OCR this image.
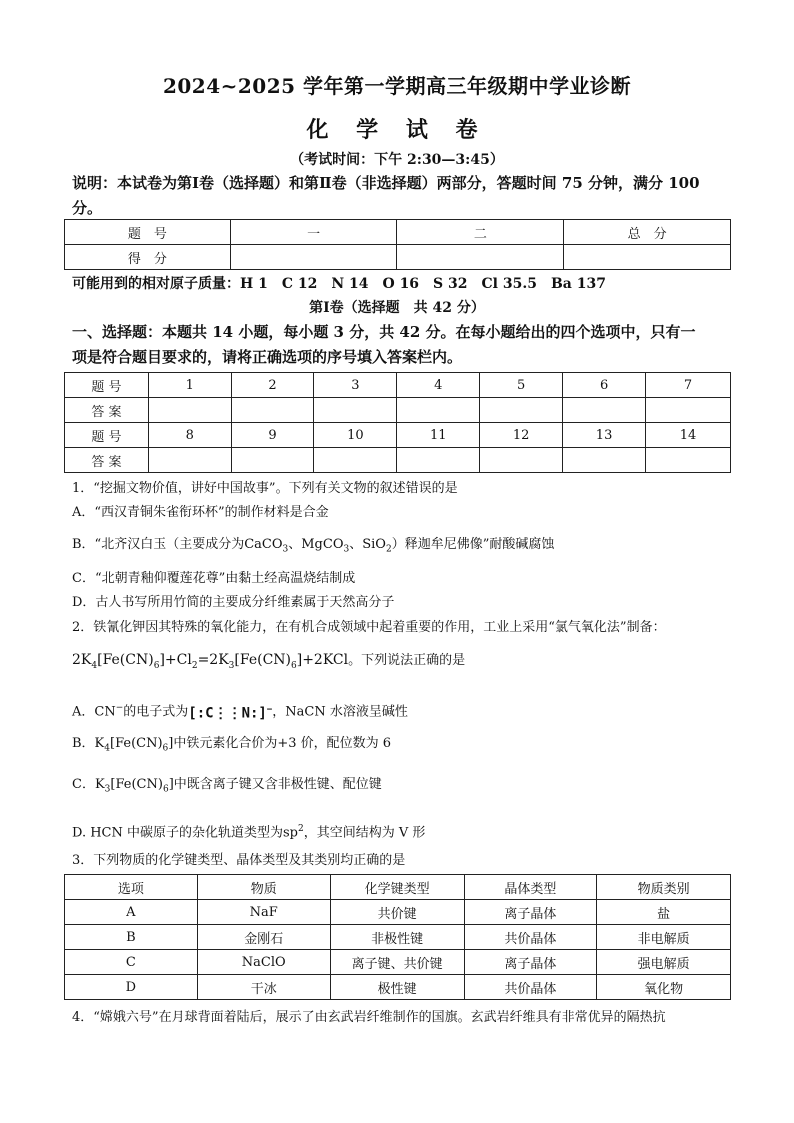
2024~2025 学年第一学期高三年级期中学业诊断
化 学 试 卷
（考试时间：下午 2:30—3:45）
说明：本试卷为第Ⅰ卷（选择题）和第Ⅱ卷（非选择题）两部分，答题时间 75 分钟，满分 100
分。
题　号	一	二	总　分
得　分			
可能用到的相对原子质量：H 1　C 12　N 14　O 16　S 32　Cl 35.5　Ba 137
第Ⅰ卷（选择题　共 42 分）
一、选择题：本题共 14 小题，每小题 3 分，共 42 分。在每小题给出的四个选项中，只有一
项是符合题目要求的，请将正确选项的序号填入答案栏内。
题 号	1	2	3	4	5	6	7
答 案							
题 号	8	9	10	11	12	13	14
答 案							
1．“挖掘文物价值，讲好中国故事”。下列有关文物的叙述错误的是
A．“西汉青铜朱雀衔环杯”的制作材料是合金
B．“北齐汉白玉（主要成分为CaCO$_3$、MgCO$_3$、SiO$_2$）释迦牟尼佛像”耐酸碱腐蚀
C．“北朝青釉仰覆莲花尊”由黏土经高温烧结制成
D．古人书写所用竹简的主要成分纤维素属于天然高分子
2．铁氰化钾因其特殊的氧化能力，在有机合成领域中起着重要的作用，工业上采用“氯气氧化法”制备：
$2K_4[Fe(CN)_6]+Cl_2=2K_3[Fe(CN)_6]+2KCl$。下列说法正确的是
A．CN−的电子式为[:C⋮⋮N:]−，NaCN 水溶液呈碱性
B．$K_4[Fe(CN)_6]$中铁元素化合价为+3 价，配位数为 6
C．$K_3[Fe(CN)_6]$中既含离子键又含非极性键、配位键
D. HCN 中碳原子的杂化轨道类型为$sp^2$，其空间结构为 V 形
3．下列物质的化学键类型、晶体类型及其类别均正确的是
选项	物质	化学键类型	晶体类型	物质类别
A	NaF	共价键	离子晶体	盐
B	金刚石	非极性键	共价晶体	非电解质
C	NaClO	离子键、共价键	离子晶体	强电解质
D	干冰	极性键	共价晶体	氧化物
4．“嫦娥六号”在月球背面着陆后，展示了由玄武岩纤维制作的国旗。玄武岩纤维具有非常优异的隔热抗
